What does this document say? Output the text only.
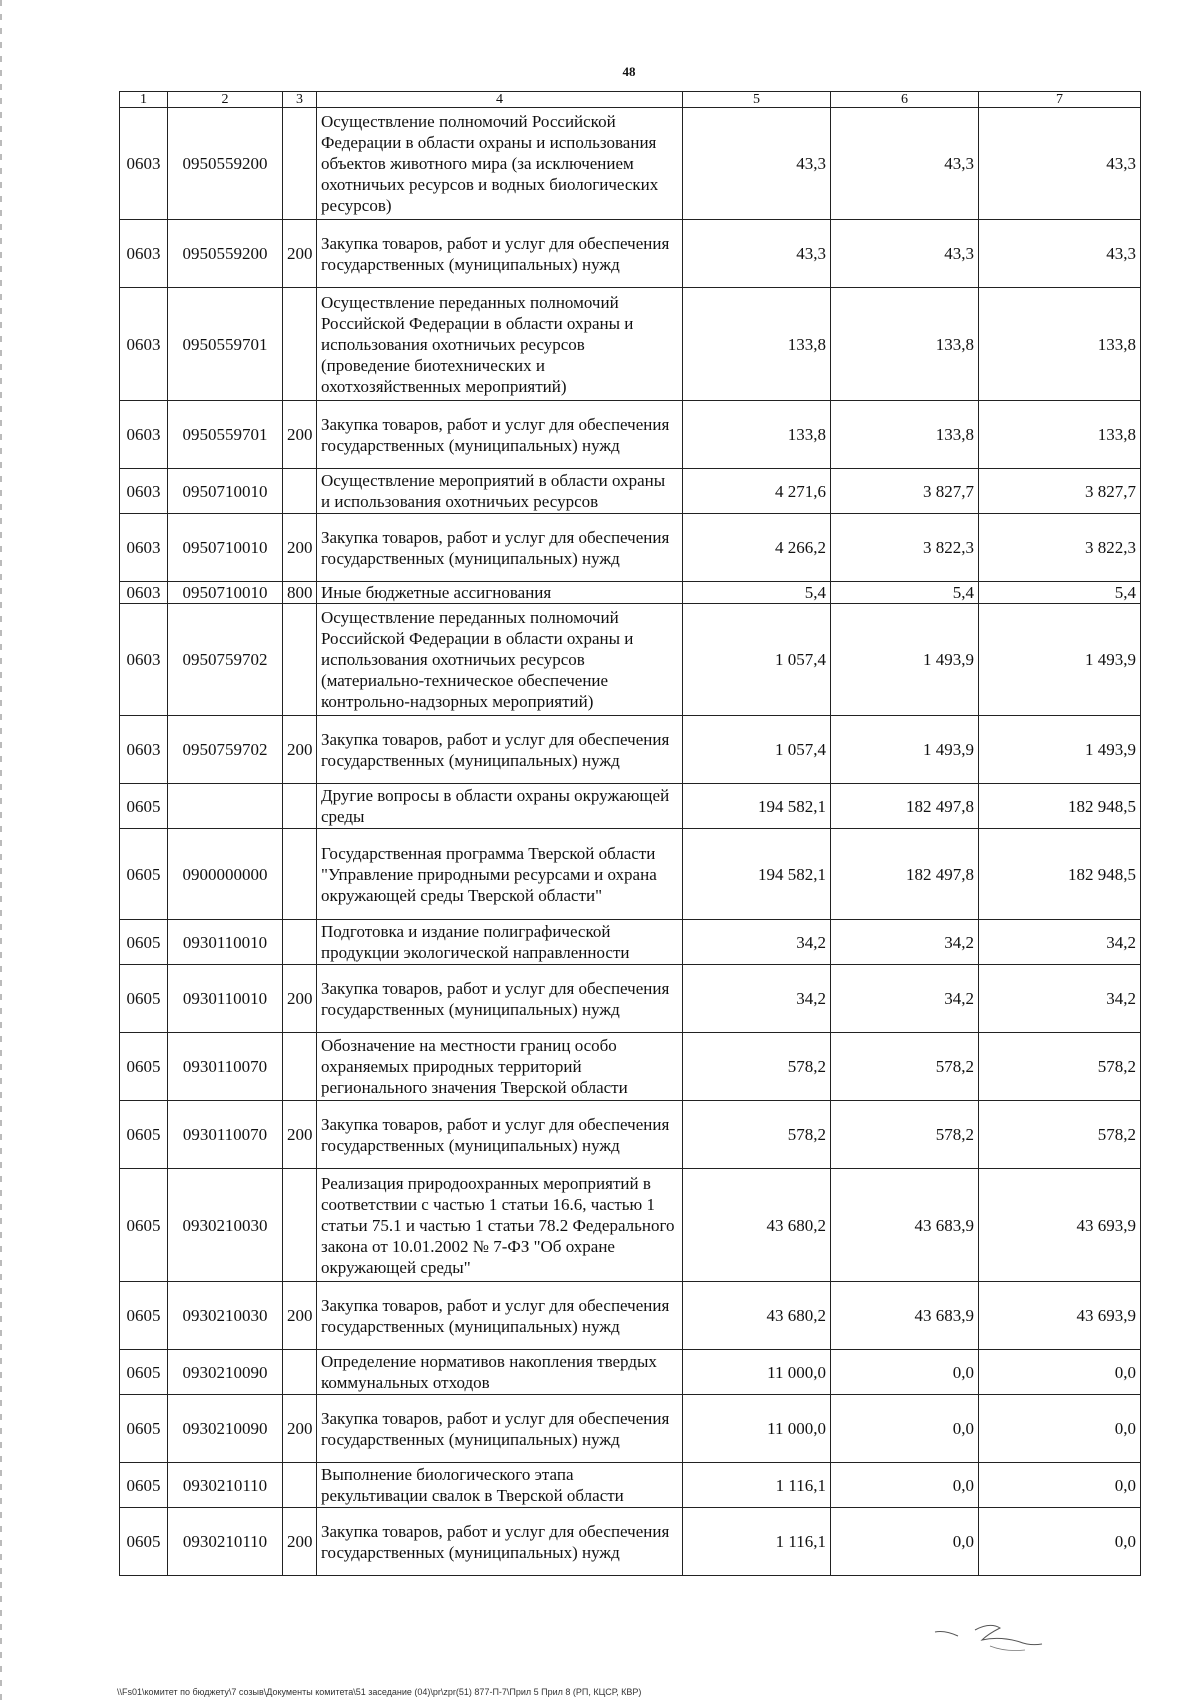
48
1	2	3	4	5	6	7
0603	0950559200		Осуществление полномочий Российской Федерации в области охраны и использования объектов животного мира (за исключением охотничьих ресурсов и водных биологических ресурсов)	43,3	43,3	43,3
0603	0950559200	200	Закупка товаров, работ и услуг для обеспечения государственных (муниципальных) нужд	43,3	43,3	43,3
0603	0950559701		Осуществление переданных полномочий Российской Федерации в области охраны и использования охотничьих ресурсов (проведение биотехнических и охотхозяйственных мероприятий)	133,8	133,8	133,8
0603	0950559701	200	Закупка товаров, работ и услуг для обеспечения государственных (муниципальных) нужд	133,8	133,8	133,8
0603	0950710010		Осуществление мероприятий в области охраны и использования охотничьих ресурсов	4 271,6	3 827,7	3 827,7
0603	0950710010	200	Закупка товаров, работ и услуг для обеспечения государственных (муниципальных) нужд	4 266,2	3 822,3	3 822,3
0603	0950710010	800	Иные бюджетные ассигнования	5,4	5,4	5,4
0603	0950759702		Осуществление переданных полномочий Российской Федерации в области охраны и использования охотничьих ресурсов (материально-техническое обеспечение контрольно-надзорных мероприятий)	1 057,4	1 493,9	1 493,9
0603	0950759702	200	Закупка товаров, работ и услуг для обеспечения государственных (муниципальных) нужд	1 057,4	1 493,9	1 493,9
0605			Другие вопросы в области охраны окружающей среды	194 582,1	182 497,8	182 948,5
0605	0900000000		Государственная программа Тверской области "Управление природными ресурсами и охрана окружающей среды Тверской области"	194 582,1	182 497,8	182 948,5
0605	0930110010		Подготовка и издание полиграфической продукции экологической направленности	34,2	34,2	34,2
0605	0930110010	200	Закупка товаров, работ и услуг для обеспечения государственных (муниципальных) нужд	34,2	34,2	34,2
0605	0930110070		Обозначение на местности границ особо охраняемых природных территорий регионального значения Тверской области	578,2	578,2	578,2
0605	0930110070	200	Закупка товаров, работ и услуг для обеспечения государственных (муниципальных) нужд	578,2	578,2	578,2
0605	0930210030		Реализация природоохранных мероприятий в соответствии с частью 1 статьи 16.6, частью 1 статьи 75.1 и частью 1 статьи 78.2 Федерального закона от 10.01.2002 № 7-ФЗ "Об охране окружающей среды"	43 680,2	43 683,9	43 693,9
0605	0930210030	200	Закупка товаров, работ и услуг для обеспечения государственных (муниципальных) нужд	43 680,2	43 683,9	43 693,9
0605	0930210090		Определение нормативов накопления твердых коммунальных отходов	11 000,0	0,0	0,0
0605	0930210090	200	Закупка товаров, работ и услуг для обеспечения государственных (муниципальных) нужд	11 000,0	0,0	0,0
0605	0930210110		Выполнение биологического этапа рекультивации свалок в Тверской области	1 116,1	0,0	0,0
0605	0930210110	200	Закупка товаров, работ и услуг для обеспечения государственных (муниципальных) нужд	1 116,1	0,0	0,0
\\Fs01\комитет по бюджету\7 созыв\Документы комитета\51 заседание (04)\pr\zpr(51) 877-П-7\Прил 5 Прил 8 (РП, КЦСР, КВР)
